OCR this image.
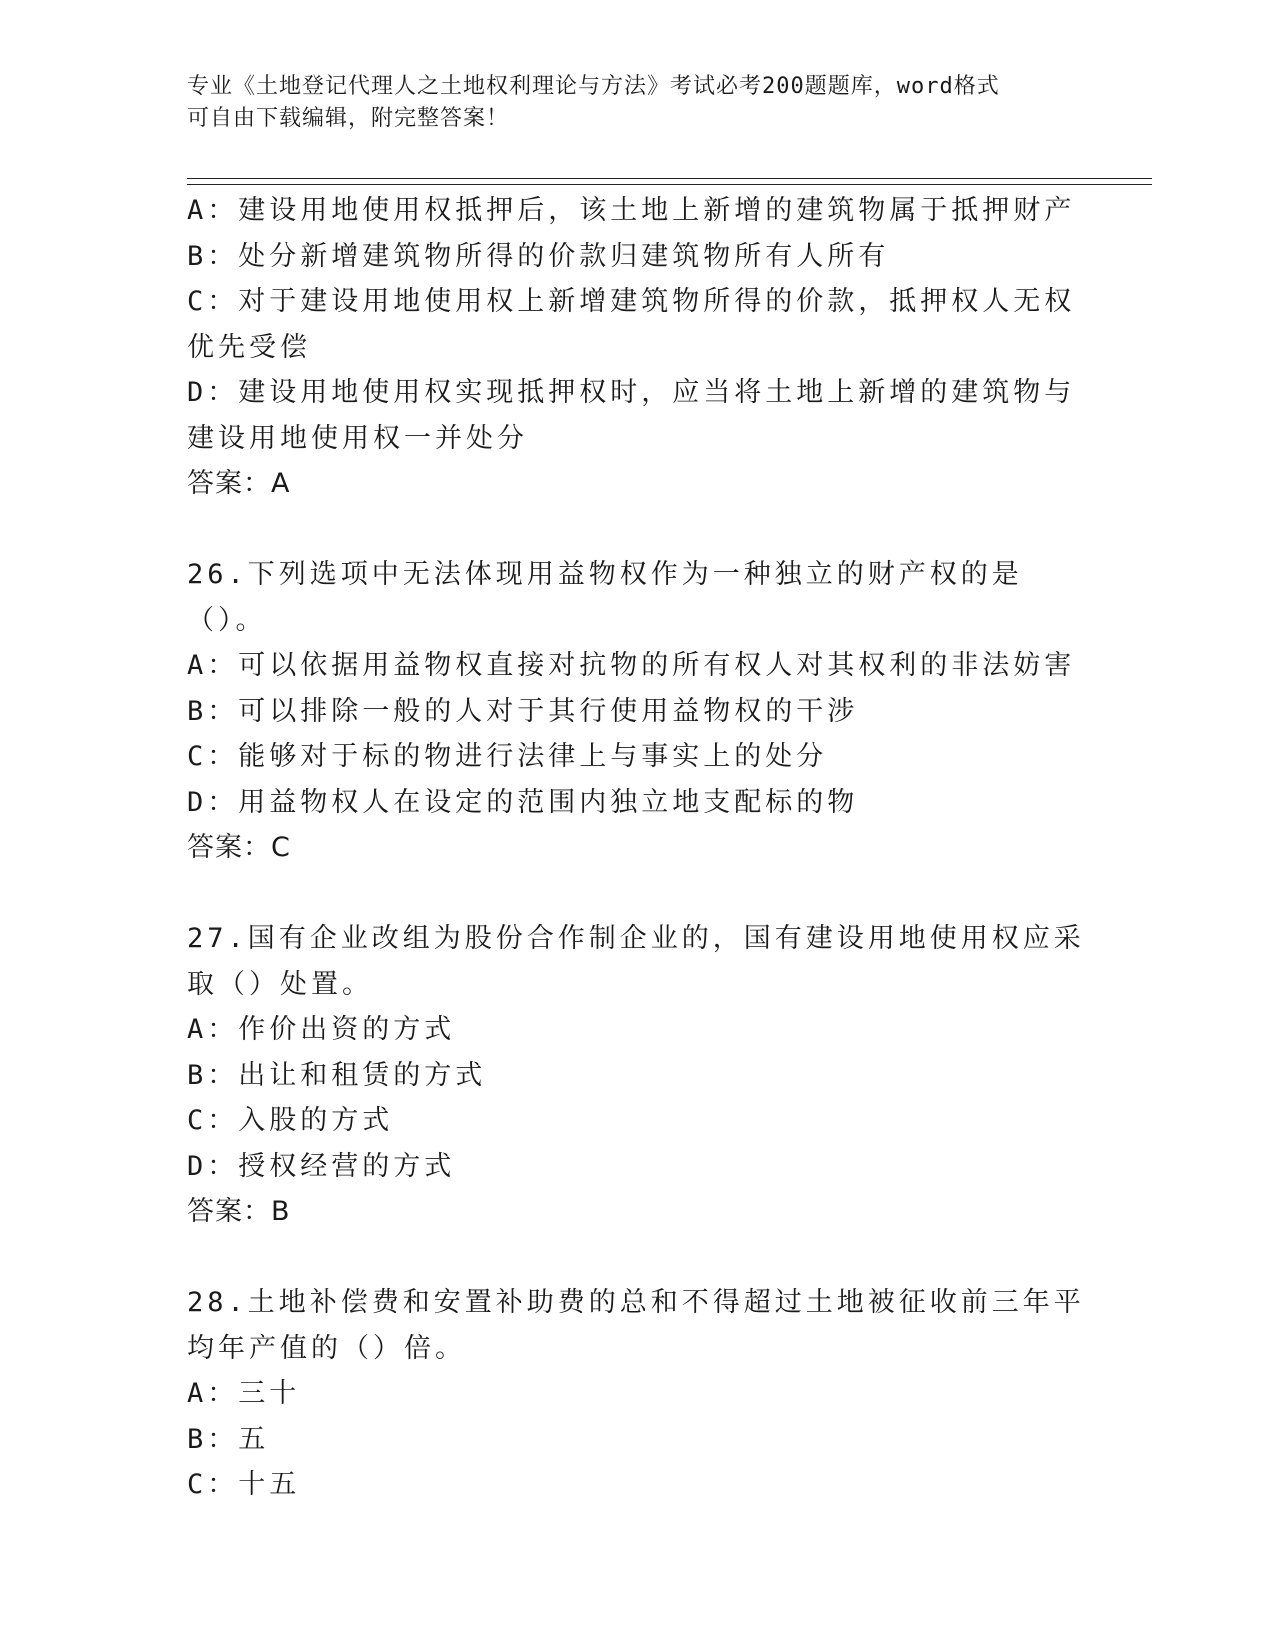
专业《土地登记代理人之土地权利理论与方法》考试必考200题题库，word格式
可自由下载编辑，附完整答案！
A：建设用地使用权抵押后，该土地上新增的建筑物属于抵押财产
B：处分新增建筑物所得的价款归建筑物所有人所有
C：对于建设用地使用权上新增建筑物所得的价款，抵押权人无权优先受偿
D：建设用地使用权实现抵押权时，应当将土地上新增的建筑物与建设用地使用权一并处分
答案：A
26.下列选项中无法体现用益物权作为一种独立的财产权的是（）。
A：可以依据用益物权直接对抗物的所有权人对其权利的非法妨害
B：可以排除一般的人对于其行使用益物权的干涉
C：能够对于标的物进行法律上与事实上的处分
D：用益物权人在设定的范围内独立地支配标的物
答案：C
27.国有企业改组为股份合作制企业的，国有建设用地使用权应采取（）处置。
A：作价出资的方式
B：出让和租赁的方式
C：入股的方式
D：授权经营的方式
答案：B
28.土地补偿费和安置补助费的总和不得超过土地被征收前三年平均年产值的（）倍。
A：三十
B：五
C：十五
